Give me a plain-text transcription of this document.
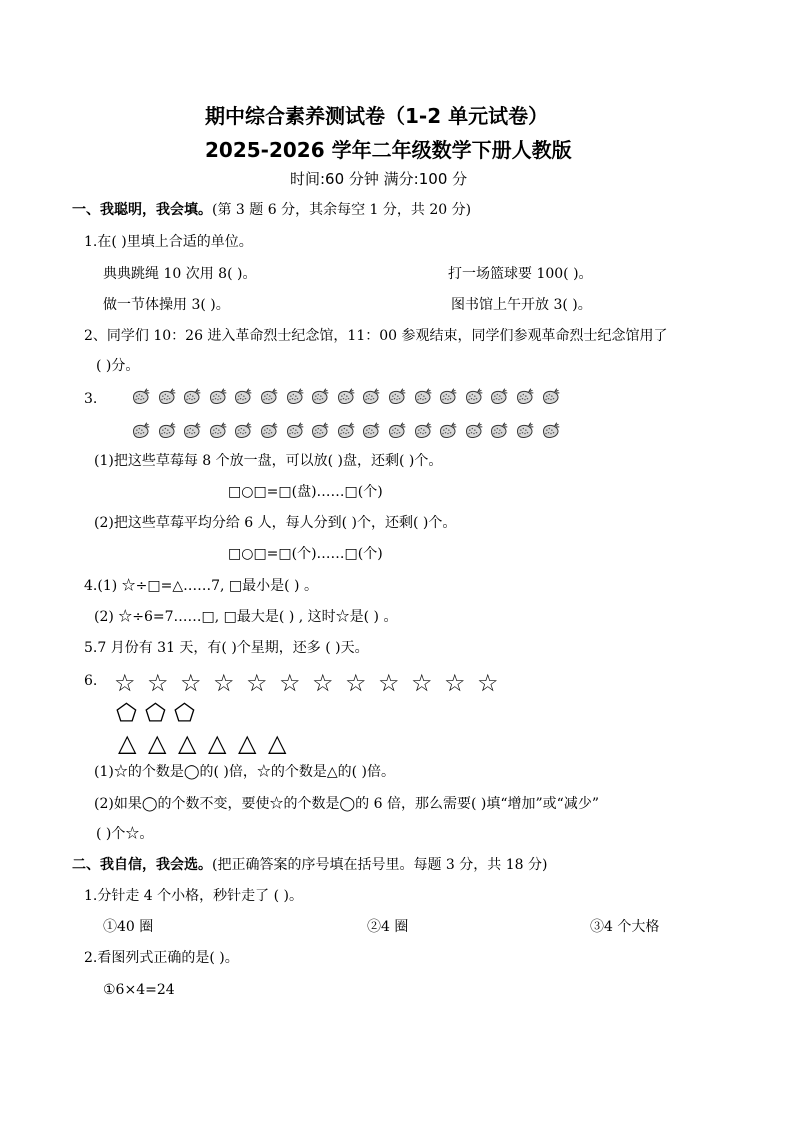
期中综合素养测试卷（1-2 单元试卷）
2025-2026 学年二年级数学下册人教版
时间:60 分钟 满分:100 分
一、我聪明，我会填。(第 3 题 6 分，其余每空 1 分，共 20 分)
1.在( )里填上合适的单位。
典典跳绳 10 次用 8( )。	打一场篮球要 100( )。
做一节体操用 3( )。	图书馆上午开放 3( )。
2、同学们 10：26 进入革命烈士纪念馆，11：00 参观结束，同学们参观革命烈士纪念馆用了
( )分。
3.
(1)把这些草莓每 8 个放一盘，可以放( )盘，还剩( )个。
□○□=□(盘)……□(个)
(2)把这些草莓平均分给 6 人，每人分到( )个，还剩( )个。
□○□=□(个)……□(个)
4.(1) ☆÷□=△……7, □最小是( ) 。
(2) ☆÷6=7……□, □最大是( ) , 这时☆是( ) 。
5.7 月份有 31 天，有( )个星期，还多 ( )天。
6. ☆ ☆ ☆ ☆ ☆ ☆ ☆ ☆ ☆ ☆ ☆ ☆
⬠ ⬠ ⬠
△ △ △ △ △ △
(1)☆的个数是◯的( )倍，☆的个数是△的( )倍。
(2)如果◯的个数不变，要使☆的个数是◯的 6 倍，那么需要( )填“增加”或“减少”
( )个☆。
二、我自信，我会选。(把正确答案的序号填在括号里。每题 3 分，共 18 分)
1.分针走 4 个小格，秒针走了 ( )。
①40 圈	②4 圈	③4 个大格
2.看图列式正确的是( )。
①6×4=24
